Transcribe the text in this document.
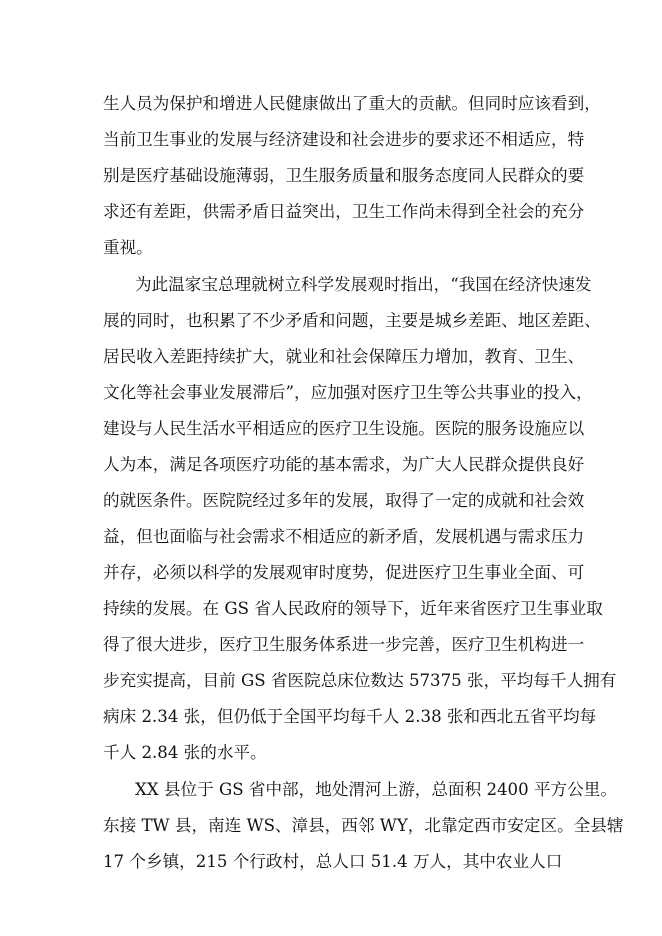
生人员为保护和增进人民健康做出了重大的贡献。但同时应该看到，
当前卫生事业的发展与经济建设和社会进步的要求还不相适应，特
别是医疗基础设施薄弱，卫生服务质量和服务态度同人民群众的要
求还有差距，供需矛盾日益突出，卫生工作尚未得到全社会的充分
重视。
为此温家宝总理就树立科学发展观时指出，“我国在经济快速发
展的同时，也积累了不少矛盾和问题，主要是城乡差距、地区差距、
居民收入差距持续扩大，就业和社会保障压力增加，教育、卫生、
文化等社会事业发展滞后”，应加强对医疗卫生等公共事业的投入，
建设与人民生活水平相适应的医疗卫生设施。医院的服务设施应以
人为本，满足各项医疗功能的基本需求，为广大人民群众提供良好
的就医条件。医院院经过多年的发展，取得了一定的成就和社会效
益，但也面临与社会需求不相适应的新矛盾，发展机遇与需求压力
并存，必须以科学的发展观审时度势，促进医疗卫生事业全面、可
持续的发展。在 GS 省人民政府的领导下，近年来省医疗卫生事业取
得了很大进步，医疗卫生服务体系进一步完善，医疗卫生机构进一
步充实提高，目前 GS 省医院总床位数达 57375 张，平均每千人拥有
病床 2.34 张，但仍低于全国平均每千人 2.38 张和西北五省平均每
千人 2.84 张的水平。
XX 县位于 GS 省中部，地处渭河上游，总面积 2400 平方公里。
东接 TW 县，南连 WS、漳县，西邻 WY，北靠定西市安定区。全县辖
17 个乡镇，215 个行政村，总人口 51.4 万人，其中农业人口
